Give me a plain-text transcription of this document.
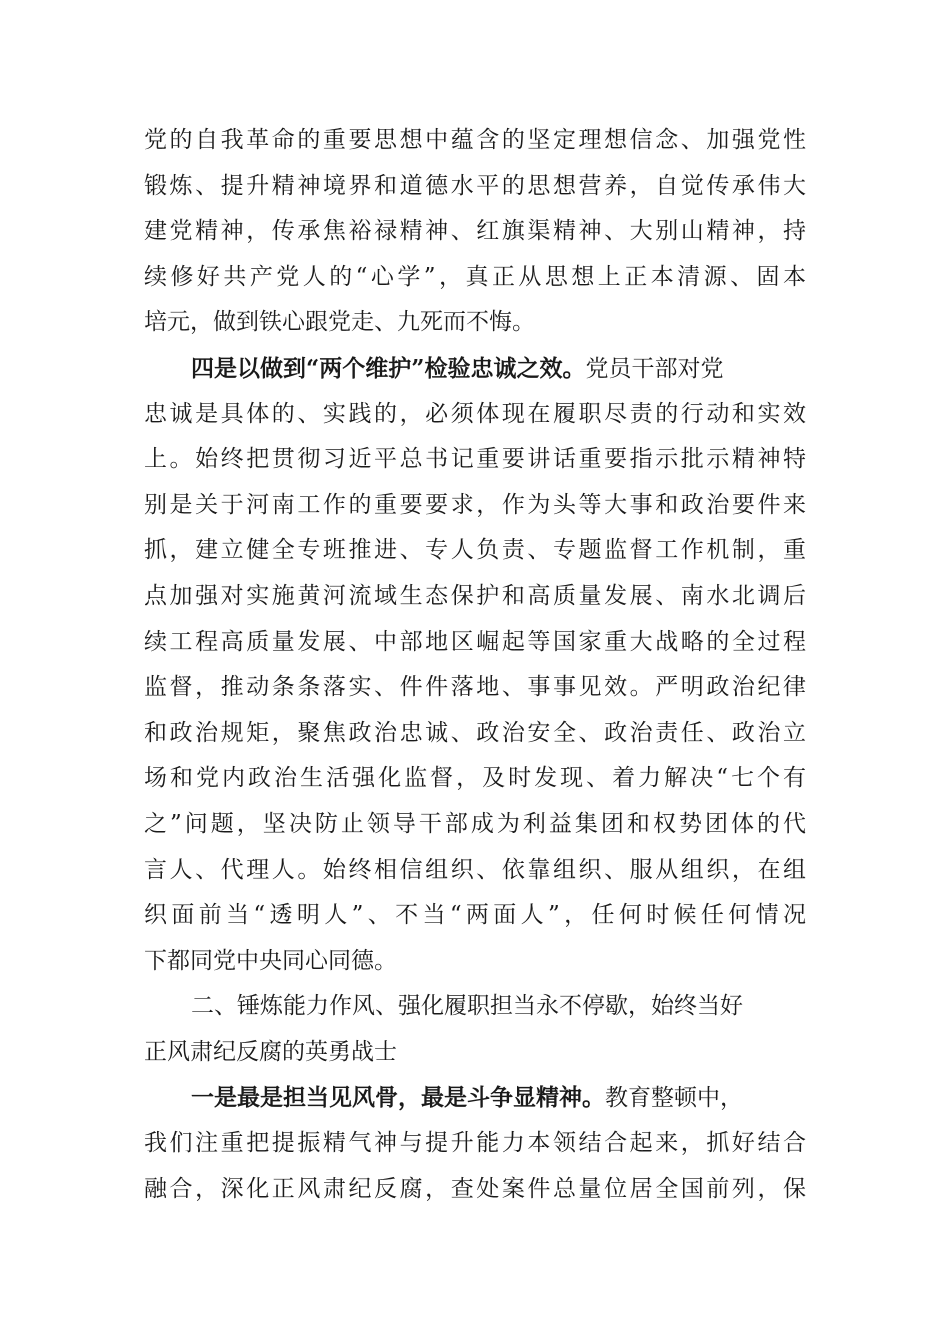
党的自我革命的重要思想中蕴含的坚定理想信念、加强党性
锻炼、提升精神境界和道德水平的思想营养，自觉传承伟大
建党精神，传承焦裕禄精神、红旗渠精神、大别山精神，持
续修好共产党人的“心学”，真正从思想上正本清源、固本
培元，做到铁心跟党走、九死而不悔。
四是以做到“两个维护”检验忠诚之效。党员干部对党
忠诚是具体的、实践的，必须体现在履职尽责的行动和实效
上。始终把贯彻习近平总书记重要讲话重要指示批示精神特
别是关于河南工作的重要要求，作为头等大事和政治要件来
抓，建立健全专班推进、专人负责、专题监督工作机制，重
点加强对实施黄河流域生态保护和高质量发展、南水北调后
续工程高质量发展、中部地区崛起等国家重大战略的全过程
监督，推动条条落实、件件落地、事事见效。严明政治纪律
和政治规矩，聚焦政治忠诚、政治安全、政治责任、政治立
场和党内政治生活强化监督，及时发现、着力解决“七个有
之”问题，坚决防止领导干部成为利益集团和权势团体的代
言人、代理人。始终相信组织、依靠组织、服从组织，在组
织面前当“透明人”、不当“两面人”，任何时候任何情况
下都同党中央同心同德。
二、锤炼能力作风、强化履职担当永不停歇，始终当好
正风肃纪反腐的英勇战士
一是最是担当见风骨，最是斗争显精神。教育整顿中，
我们注重把提振精气神与提升能力本领结合起来，抓好结合
融合，深化正风肃纪反腐，查处案件总量位居全国前列，保
